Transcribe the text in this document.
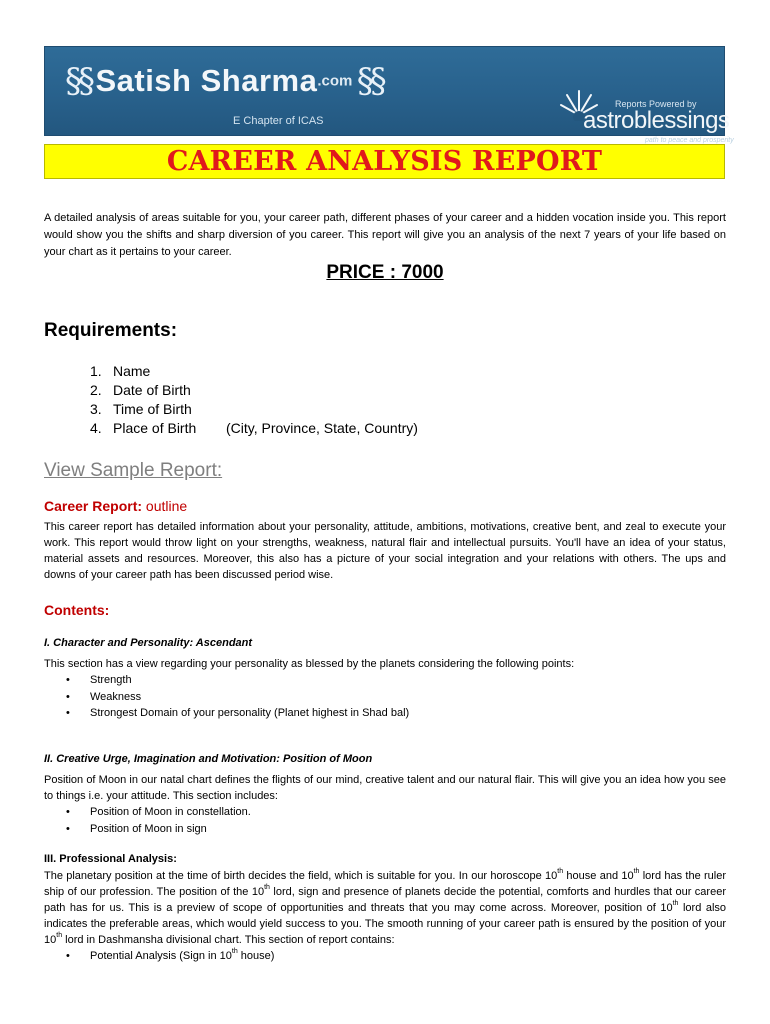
§§ Satish Sharma.com §§
E Chapter of ICAS
Reports Powered by
astroblessings
path to peace and prosperity
CAREER ANALYSIS REPORT
A detailed analysis of areas suitable for you, your career path, different phases of your career and a hidden vocation inside you. This report would show you the shifts and sharp diversion of you career. This report will give you an analysis of the next 7 years of your life based on your chart as it pertains to your career.
PRICE : 7000
Requirements:
1. Name
2. Date of Birth
3. Time of Birth
4. Place of Birth (City, Province, State, Country)
View Sample Report:
Career Report: outline
This career report has detailed information about your personality, attitude, ambitions, motivations, creative bent, and zeal to execute your work. This report would throw light on your strengths, weakness, natural flair and intellectual pursuits. You'll have an idea of your status, material assets and resources. Moreover, this also has a picture of your social integration and your relations with others. The ups and downs of your career path has been discussed period wise.
Contents:
I. Character and Personality: Ascendant
This section has a view regarding your personality as blessed by the planets considering the following points:
• Strength
• Weakness
• Strongest Domain of your personality (Planet highest in Shad bal)
II. Creative Urge, Imagination and Motivation: Position of Moon
Position of Moon in our natal chart defines the flights of our mind, creative talent and our natural flair. This will give you an idea how you see to things i.e. your attitude. This section includes:
• Position of Moon in constellation.
• Position of Moon in sign
III. Professional Analysis:
The planetary position at the time of birth decides the field, which is suitable for you. In our horoscope 10th house and 10th lord has the ruler ship of our profession. The position of the 10th lord, sign and presence of planets decide the potential, comforts and hurdles that our career path has for us. This is a preview of scope of opportunities and threats that you may come across. Moreover, position of 10th lord also indicates the preferable areas, which would yield success to you. The smooth running of your career path is ensured by the position of your 10th lord in Dashmansha divisional chart. This section of report contains:
• Potential Analysis (Sign in 10th house)
